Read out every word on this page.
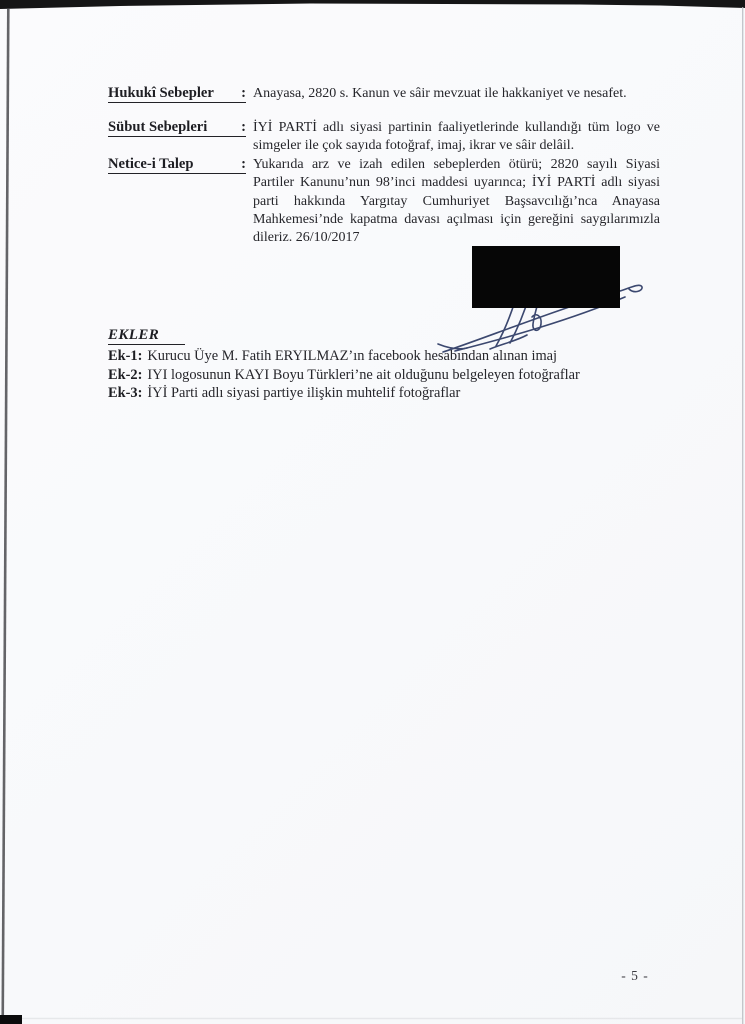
Hukukî Sebepler : Anayasa, 2820 s. Kanun ve sâir mevzuat ile hakkaniyet ve nesafet.
Sübut Sebepleri : İYİ PARTİ adlı siyasi partinin faaliyetlerinde kullandığı tüm logo ve
simgeler ile çok sayıda fotoğraf, imaj, ikrar ve sâir delâil.
Netice-i Talep	: Yukarıda arz ve izah edilen sebeplerden ötürü; 2820 sayılı Siyasi
Partiler Kanunu’nun 98’inci maddesi uyarınca; İYİ PARTİ adlı siyasi
parti hakkında Yargıtay Cumhuriyet Başsavcılığı’nca Anayasa
Mahkemesi’nde kapatma davası açılması için gereğini saygılarımızla
dileriz. 26/10/2017
EKLER
Ek-1: Kurucu Üye M. Fatih ERYILMAZ’ın facebook hesabından alınan imaj
Ek-2: IYI logosunun KAYI Boyu Türkleri’ne ait olduğunu belgeleyen fotoğraflar
Ek-3: İYİ Parti adlı siyasi partiye ilişkin muhtelif fotoğraflar
- 5 -
